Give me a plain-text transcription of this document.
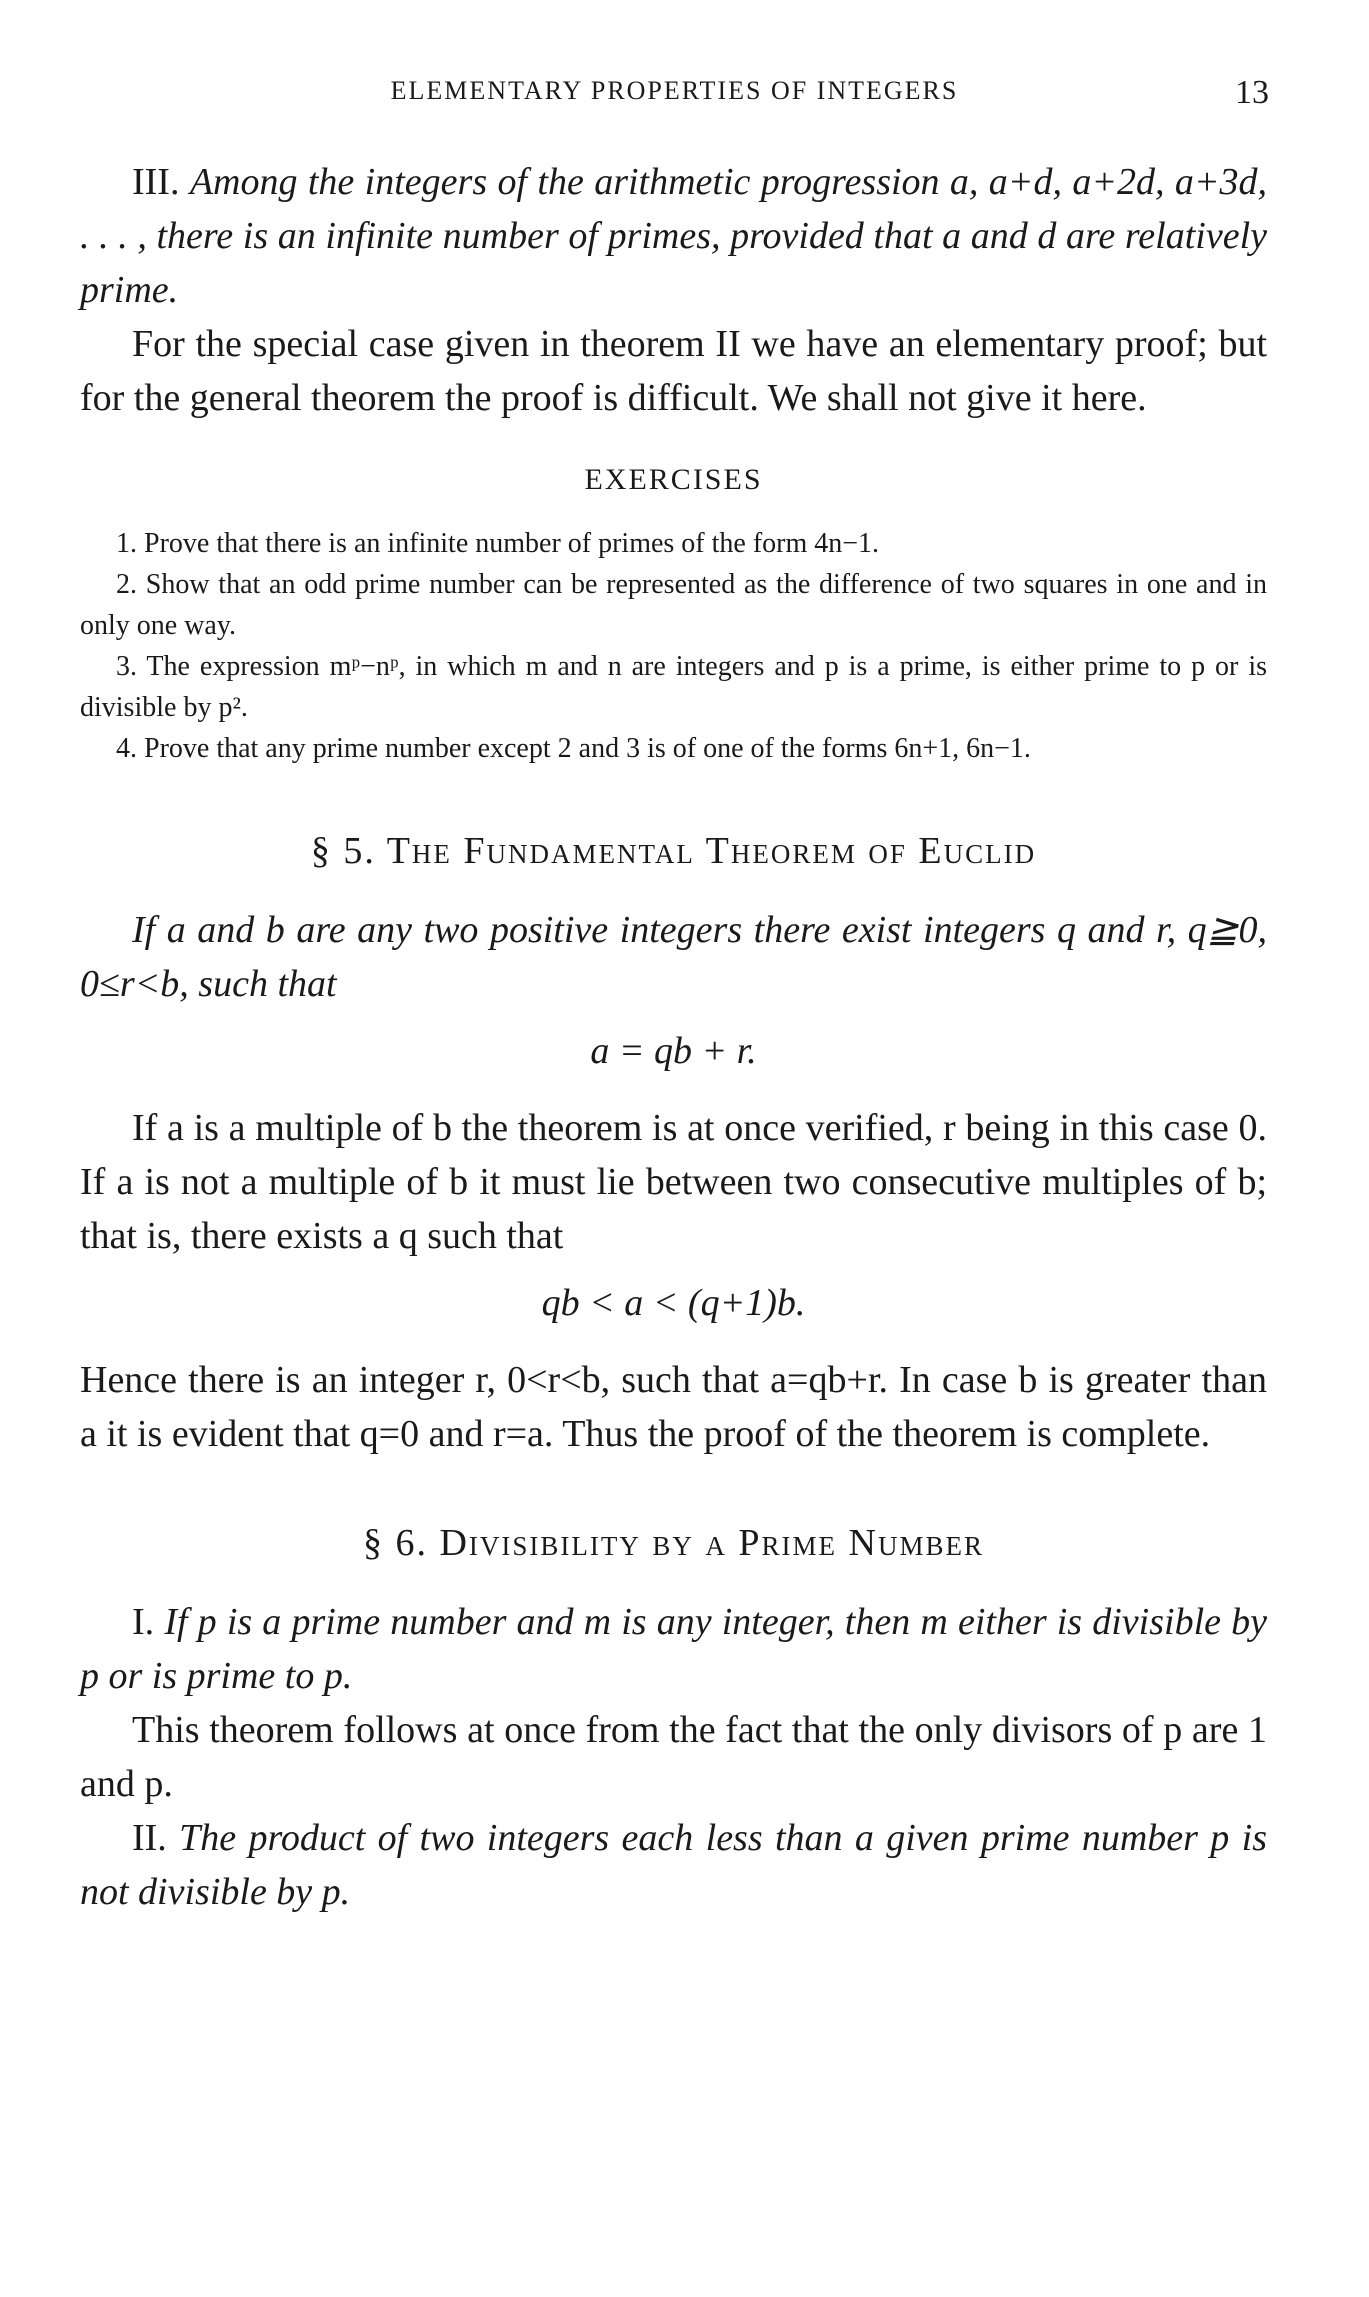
ELEMENTARY PROPERTIES OF INTEGERS	13

III. Among the integers of the arithmetic progression a, a+d, a+2d, a+3d, . . . , there is an infinite number of primes, provided that a and d are relatively prime.

For the special case given in theorem II we have an elementary proof; but for the general theorem the proof is difficult. We shall not give it here.

EXERCISES

1. Prove that there is an infinite number of primes of the form 4n−1.

2. Show that an odd prime number can be represented as the difference of two squares in one and in only one way.

3. The expression mᵖ−nᵖ, in which m and n are integers and p is a prime, is either prime to p or is divisible by p².

4. Prove that any prime number except 2 and 3 is of one of the forms 6n+1, 6n−1.

§ 5. The Fundamental Theorem of Euclid

If a and b are any two positive integers there exist integers q and r, q≧0, 0≤r<b, such that

a = qb + r.

If a is a multiple of b the theorem is at once verified, r being in this case 0. If a is not a multiple of b it must lie between two consecutive multiples of b; that is, there exists a q such that

qb < a < (q+1)b.

Hence there is an integer r, 0<r<b, such that a=qb+r. In case b is greater than a it is evident that q=0 and r=a. Thus the proof of the theorem is complete.

§ 6. Divisibility by a Prime Number

I. If p is a prime number and m is any integer, then m either is divisible by p or is prime to p.

This theorem follows at once from the fact that the only divisors of p are 1 and p.

II. The product of two integers each less than a given prime number p is not divisible by p.
